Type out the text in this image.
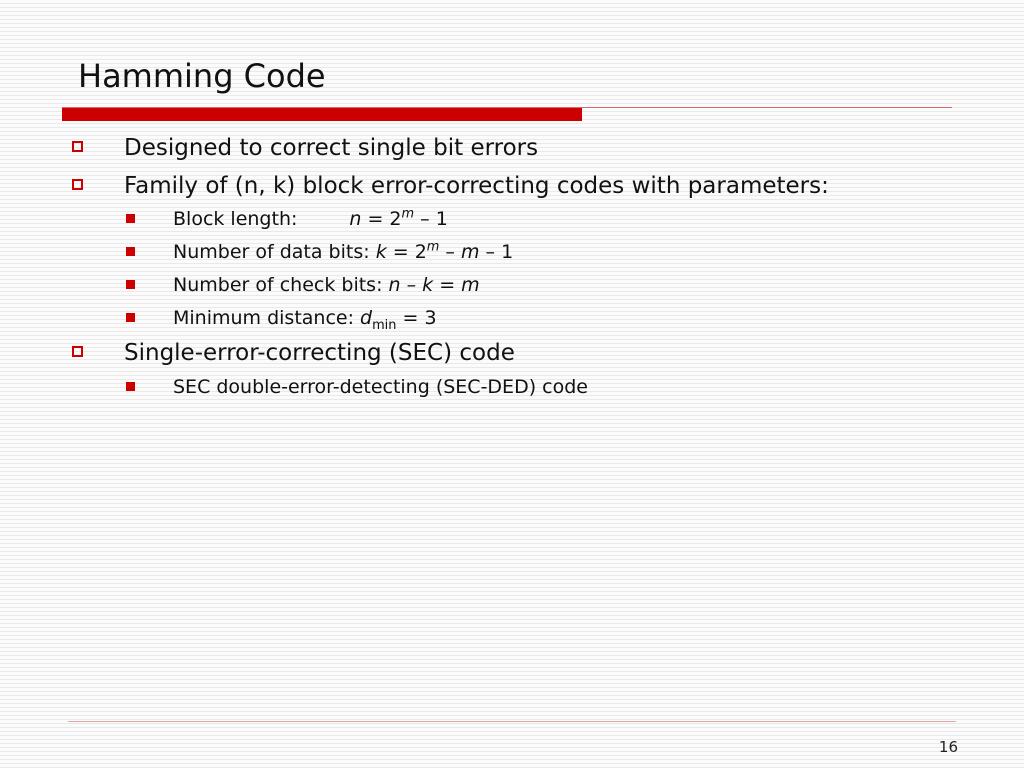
Hamming Code
Designed to correct single bit errors
Family of (n, k) block error-correcting codes with parameters:
Block length:	$n = 2^m - 1$
Number of data bits: $k = 2^m - m - 1$
Number of check bits: n – k = m
Minimum distance: $d_{min} = 3$
Single-error-correcting (SEC) code
SEC double-error-detecting (SEC-DED) code
16
